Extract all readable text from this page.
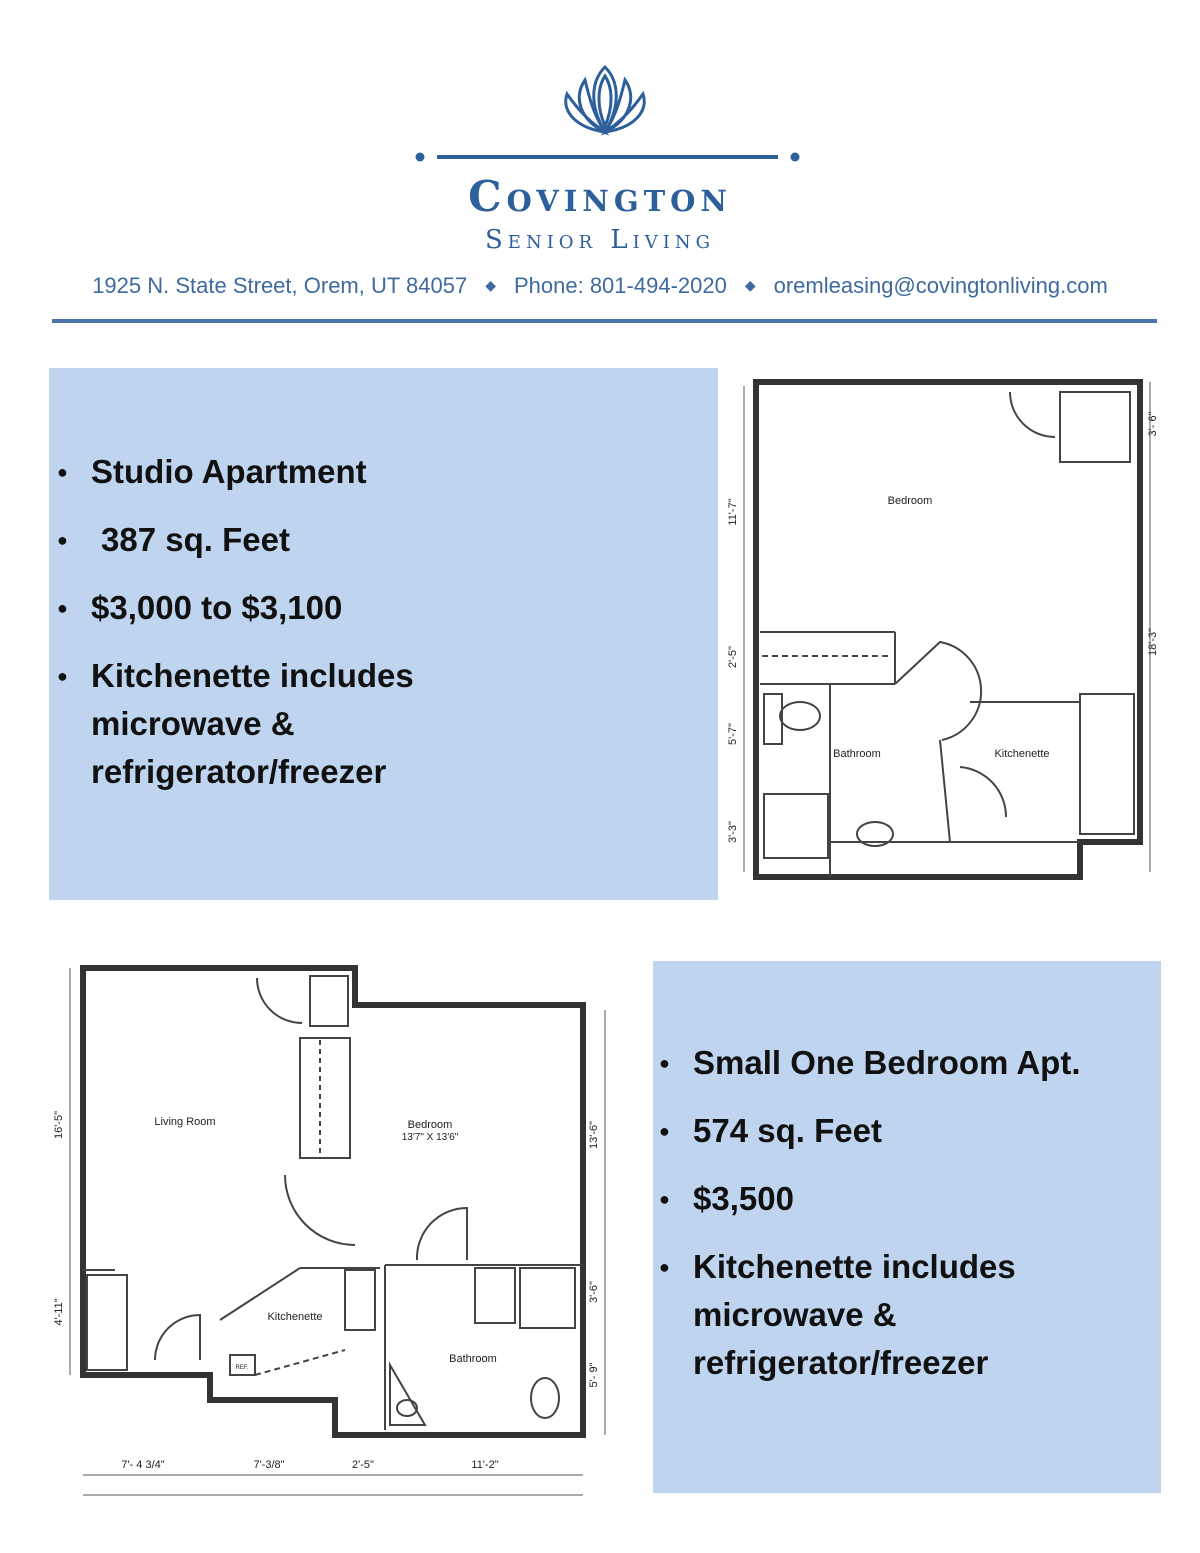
Covington
Senior Living
1925 N. State Street, Orem, UT 84057 ◆ Phone: 801-494-2020 ◆ oremleasing@covingtonliving.com
● Studio Apartment
● 387 sq. Feet
● $3,000 to $3,100
● Kitchenette includes microwave & refrigerator/freezer
Bedroom
Bathroom	Kitchenette
11'-7"
2'-5"
5'-7"
3'-3"
3'- 6"
18'-3"
Living Room	Bedroom
13'7" X 13'6"
Kitchenette
Bathroom
REF.
16'-5"
4'-11"
13'-6"
3'-6"
5'- 9"
7'- 4 3/4"	7'-3/8"	2'-5"	11'-2"
● Small One Bedroom Apt.
● 574 sq. Feet
● $3,500
● Kitchenette includes microwave & refrigerator/freezer
